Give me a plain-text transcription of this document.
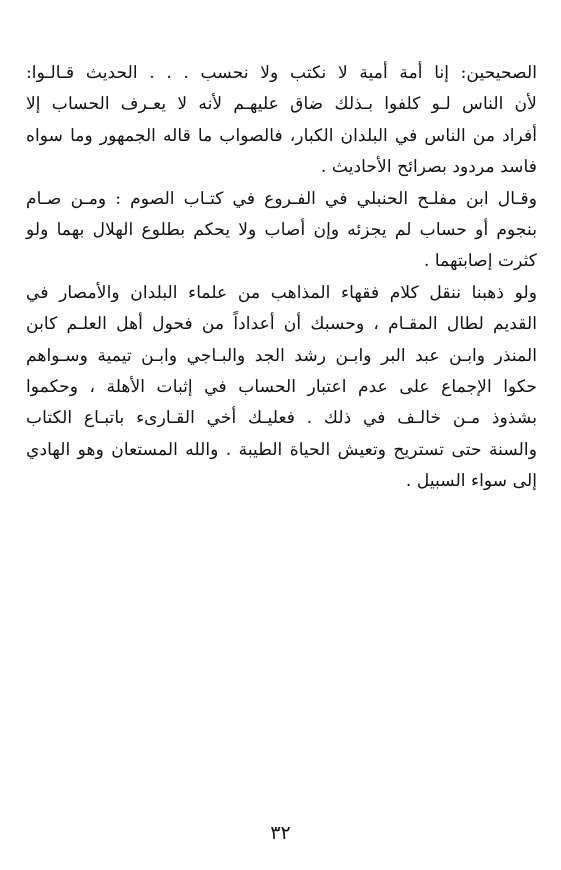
الصحيحين: إنا أمة أمية لا نكتب ولا نحسب . . . الحديث قـالـوا:
لأن الناس لـو كلفوا بـذلك ضاق عليهـم لأنه لا يعـرف الحساب إلا
أفراد من الناس في البلدان الكبار، فالصواب ما قاله الجمهور وما سواه
فاسد مردود بصرائح الأحاديث .
وقـال ابن مفلـح الحنبلي في الفـروع في كتـاب الصوم : ومـن صـام
بنجوم أو حساب لم يجزئه وإن أصاب ولا يحكم بطلوع الهلال بهما ولو
كثرت إصابتهما .
ولو ذهبنا ننقل كلام فقهاء المذاهب من علماء البلدان والأمصار في
القديم لطال المقـام ، وحسبك أن أعداداً من فحول أهل العلـم كابن
المنذر وابـن عبد البر وابـن رشد الجد والبـاجي وابـن تيمية وسـواهم
حكوا الإجماع على عدم اعتبار الحساب في إثبات الأهلة ، وحكموا
بشذوذ مـن خالـف في ذلك . فعليـك أخي القـارىء باتبـاع الكتاب
والسنة حتى تستريح وتعيش الحياة الطيبة . والله المستعان وهو الهادي
إلى سواء السبيل .
٣٢
